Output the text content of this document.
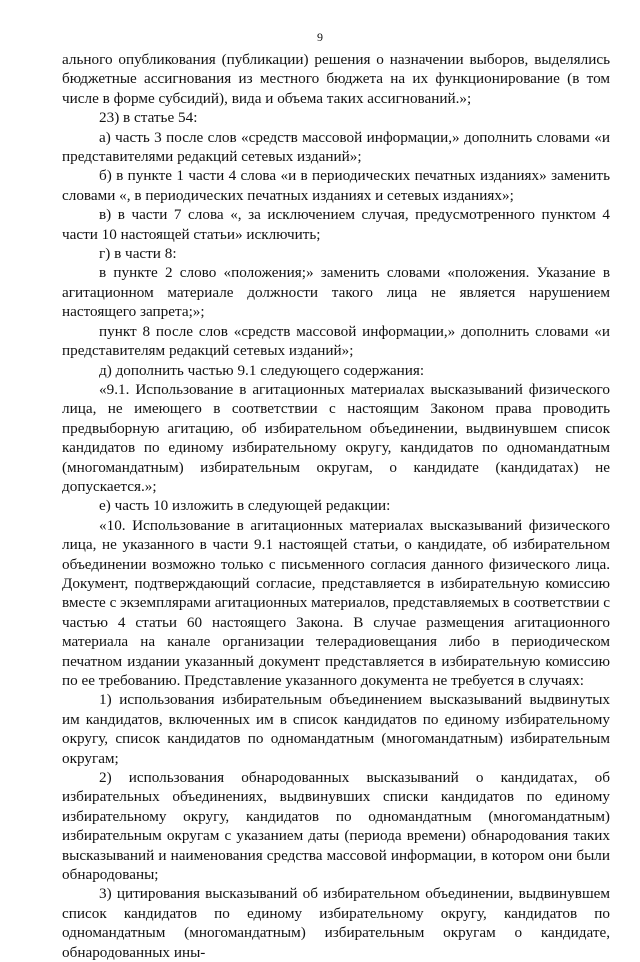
9

ального опубликования (публикации) решения о назначении выборов, выделялись бюджетные ассигнования из местного бюджета на их функционирование (в том числе в форме субсидий), вида и объема таких ассигнований.»;

23) в статье 54:

а) часть 3 после слов «средств массовой информации,» дополнить словами «и представителями редакций сетевых изданий»;

б) в пункте 1 части 4 слова «и в периодических печатных изданиях» заменить словами «, в периодических печатных изданиях и сетевых изданиях»;

в) в части 7 слова «, за исключением случая, предусмотренного пунктом 4 части 10 настоящей статьи» исключить;

г) в части 8:

в пункте 2 слово «положения;» заменить словами «положения. Указание в агитационном материале должности такого лица не является нарушением настоящего запрета;»;

пункт 8 после слов «средств массовой информации,» дополнить словами «и представителям редакций сетевых изданий»;

д) дополнить частью 9.1 следующего содержания:

«9.1. Использование в агитационных материалах высказываний физического лица, не имеющего в соответствии с настоящим Законом права проводить предвыборную агитацию, об избирательном объединении, выдвинувшем список кандидатов по единому избирательному округу, кандидатов по одномандатным (многомандатным) избирательным округам, о кандидате (кандидатах) не допускается.»;

е) часть 10 изложить в следующей редакции:

«10. Использование в агитационных материалах высказываний физического лица, не указанного в части 9.1 настоящей статьи, о кандидате, об избирательном объединении возможно только с письменного согласия данного физического лица. Документ, подтверждающий согласие, представляется в избирательную комиссию вместе с экземплярами агитационных материалов, представляемых в соответствии с частью 4 статьи 60 настоящего Закона. В случае размещения агитационного материала на канале организации телерадиовещания либо в периодическом печатном издании указанный документ представляется в избирательную комиссию по ее требованию. Представление указанного документа не требуется в случаях:

1) использования избирательным объединением высказываний выдвинутых им кандидатов, включенных им в список кандидатов по единому избирательному округу, список кандидатов по одномандатным (многомандатным) избирательным округам;

2) использования обнародованных высказываний о кандидатах, об избирательных объединениях, выдвинувших списки кандидатов по единому избирательному округу, кандидатов по одномандатным (многомандатным) избирательным округам с указанием даты (периода времени) обнародования таких высказываний и наименования средства массовой информации, в котором они были обнародованы;

3) цитирования высказываний об избирательном объединении, выдвинувшем список кандидатов по единому избирательному округу, кандидатов по одномандатным (многомандатным) избирательным округам о кандидате, обнародованных ины-
